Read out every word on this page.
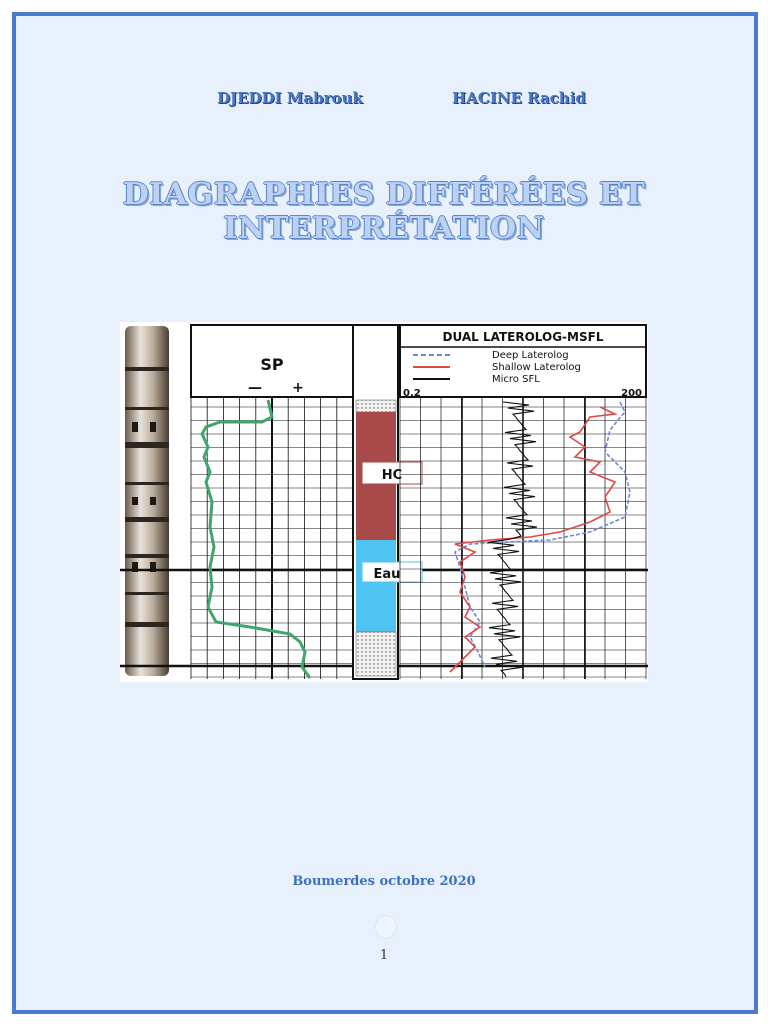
DJEDDI Mabrouk	HACINE Rachid
DIAGRAPHIES DIFFÉRÉES ET
INTERPRÉTATION
SP
— +
HC
Eau
DUAL LATEROLOG-MSFL
Deep Laterolog
Shallow Laterolog
Micro SFL
0.2	200
Boumerdes octobre 2020
1
